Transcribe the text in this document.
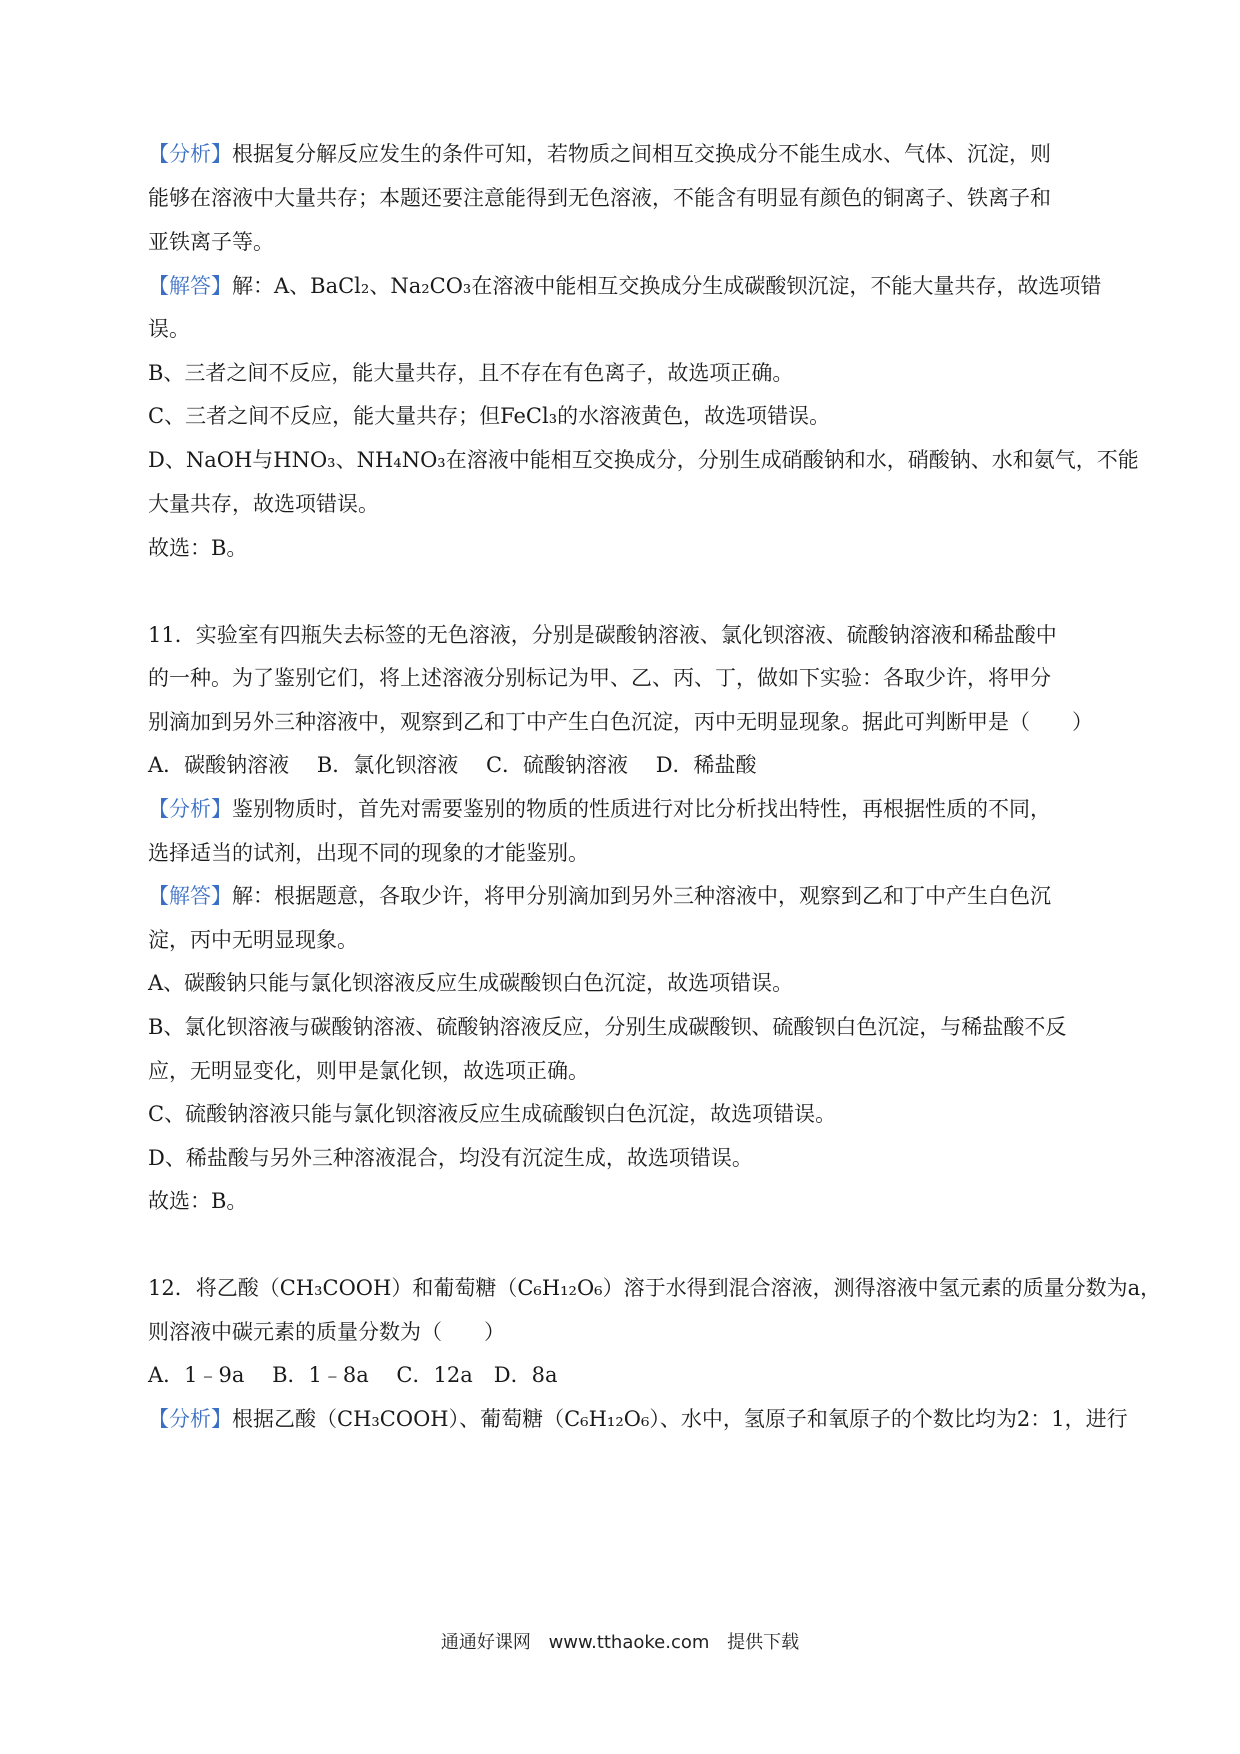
【分析】根据复分解反应发生的条件可知，若物质之间相互交换成分不能生成水、气体、沉淀，则
能够在溶液中大量共存；本题还要注意能得到无色溶液，不能含有明显有颜色的铜离子、铁离子和
亚铁离子等。
【解答】解：A、BaCl₂、Na₂CO₃在溶液中能相互交换成分生成碳酸钡沉淀，不能大量共存，故选项错
误。
B、三者之间不反应，能大量共存，且不存在有色离子，故选项正确。
C、三者之间不反应，能大量共存；但FeCl₃的水溶液黄色，故选项错误。
D、NaOH与HNO₃、NH₄NO₃在溶液中能相互交换成分，分别生成硝酸钠和水，硝酸钠、水和氨气，不能
大量共存，故选项错误。
故选：B。
11．实验室有四瓶失去标签的无色溶液，分别是碳酸钠溶液、氯化钡溶液、硫酸钠溶液和稀盐酸中
的一种。为了鉴别它们，将上述溶液分别标记为甲、乙、丙、丁，做如下实验：各取少许，将甲分
别滴加到另外三种溶液中，观察到乙和丁中产生白色沉淀，丙中无明显现象。据此可判断甲是（　　）
A．碳酸钠溶液　 B．氯化钡溶液　 C．硫酸钠溶液　 D．稀盐酸
【分析】鉴别物质时，首先对需要鉴别的物质的性质进行对比分析找出特性，再根据性质的不同，
选择适当的试剂，出现不同的现象的才能鉴别。
【解答】解：根据题意，各取少许，将甲分别滴加到另外三种溶液中，观察到乙和丁中产生白色沉
淀，丙中无明显现象。
A、碳酸钠只能与氯化钡溶液反应生成碳酸钡白色沉淀，故选项错误。
B、氯化钡溶液与碳酸钠溶液、硫酸钠溶液反应，分别生成碳酸钡、硫酸钡白色沉淀，与稀盐酸不反
应，无明显变化，则甲是氯化钡，故选项正确。
C、硫酸钠溶液只能与氯化钡溶液反应生成硫酸钡白色沉淀，故选项错误。
D、稀盐酸与另外三种溶液混合，均没有沉淀生成，故选项错误。
故选：B。
12．将乙酸（CH₃COOH）和葡萄糖（C₆H₁₂O₆）溶于水得到混合溶液，测得溶液中氢元素的质量分数为a，
则溶液中碳元素的质量分数为（　　）
A．1﹣9a　 B．1﹣8a　 C．12a　D．8a
【分析】根据乙酸（CH₃COOH）、葡萄糖（C₆H₁₂O₆）、水中，氢原子和氧原子的个数比均为2：1，进行
通通好课网 www.tthaoke.com 提供下载
